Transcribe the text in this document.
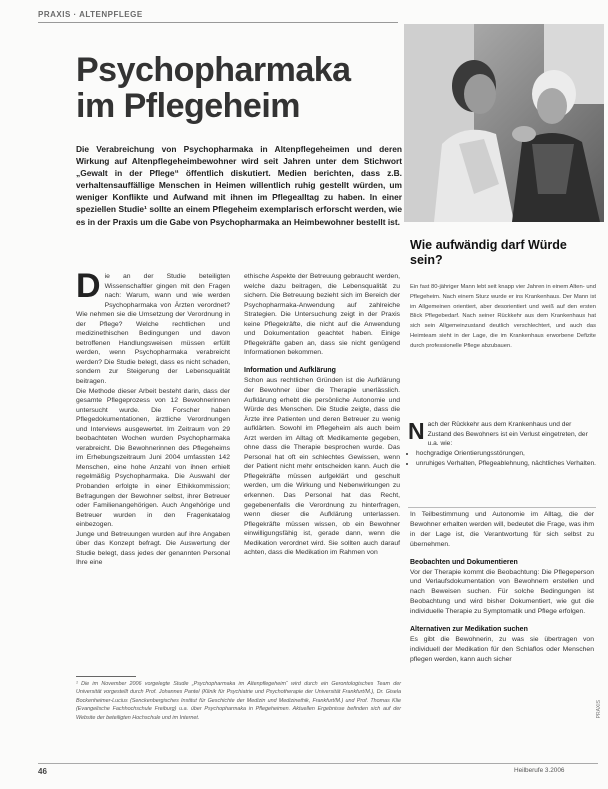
PRAXIS · ALTENPFLEGE
Psychopharmaka
im Pflegeheim
Die Verabreichung von Psychopharmaka in Altenpflegeheimen und deren Wirkung auf Altenpflegeheimbewohner wird seit Jahren unter dem Stichwort „Gewalt in der Pflege“ öffentlich diskutiert. Medien berichten, dass z.B. verhaltensauffällige Menschen in Heimen willentlich ruhig gestellt würden, um weniger Konflikte und Aufwand mit ihnen im Pflegealltag zu haben. In einer speziellen Studie¹ sollte an einem Pflegeheim exemplarisch erforscht werden, wie es in der Praxis um die Gabe von Psychopharmaka an Heimbewohner bestellt ist.
Wie aufwändig darf Würde sein?
Ein fast 80-jähriger Mann lebt seit knapp vier Jahren in einem Alten- und Pflegeheim. Nach einem Sturz wurde er ins Krankenhaus. Der Mann ist im Allgemeinen orientiert, aber desorientiert und weiß auf den ersten Blick Pflegebedarf. Nach seiner Rückkehr aus dem Krankenhaus hat sich sein Allgemeinzustand deutlich verschlechtert, und auch das Heimteam sieht in der Lage, die im Krankenhaus erworbene Defizite durch professionelle Pflege abzubauen.
N ach der Rückkehr aus dem Krankenhaus und der Zustand des Bewohners ist ein Verlust eingetreten, der u.a. wie:
• hochgradige Orientierungsstörungen,
• unruhiges Verhalten, Pflegeablehnung, nächtliches Verhalten.
In Teilbestimmung und Autonomie im Alltag, die der Bewohner erhalten werden will, bedeutet die Frage, was ihm in der Lage ist, die Verantwortung für sich selbst zu übernehmen.
Beobachten und Dokumentieren
Vor der Therapie kommt die Beobachtung: Die Pflegeperson und Verlaufsdokumentation von Bewohnern erstellen und nach Beweisen suchen. Für solche Bedingungen ist Beobachtung und wird bisher Dokumentiert, wie gut die individuelle Therapie zu Symptomatik und Pflege erfolgen.
Alternativen zur Medikation suchen
Es gibt die Bewohnerin, zu was sie übertragen von individuell der Medikation für den Schlaflos oder Menschen pflegen werden, kann auch sicher
D ie an der Studie beteiligten Wissenschaftler gingen mit den Fragen nach: Warum, wann und wie werden Psychopharmaka von Ärzten verordnet? Wie nehmen sie die Umsetzung der Verordnung in der Pflege? Welche rechtlichen und medizinethischen Bedingungen und davon betroffenen Handlungsweisen müssen erfüllt werden, wenn Psychopharmaka verabreicht werden? Die Studie belegt, dass es nicht schaden, sondern zur Steigerung der Lebensqualität beitragen.
Die Methode dieser Arbeit besteht darin, dass der gesamte Pflegeprozess von 12 Bewohnerinnen untersucht wurde. Die Forscher haben Pflegedokumentationen, ärztliche Verordnungen und Interviews ausgewertet. Im Zeitraum von 29 beobachteten Wochen wurden Psychopharmaka verabreicht. Die Bewohnerinnen des Pflegeheims im Erhebungszeitraum Juni 2004 umfassten 142 Menschen, eine hohe Anzahl von ihnen erhielt regelmäßig Psychopharmaka. Die Auswahl der Probanden erfolgte in einer Ethikkommission; Befragungen der Bewohner selbst, ihrer Betreuer oder Familienangehörigen. Auch Angehörige und Betreuer wurden in den Fragenkatalog einbezogen.
Junge und Betreuungen wurden auf ihre Angaben über das Konzept befragt. Die Auswertung der Studie belegt, dass jedes der genannten Personal Ihre eine
ethische Aspekte der Betreuung gebraucht werden, welche dazu beitragen, die Lebensqualität zu sichern. Die Betreuung bezieht sich im Bereich der Psychopharmaka-Anwendung auf zahlreiche Strategien. Die Untersuchung zeigt in der Praxis keine Pflegekräfte, die nicht auf die Anwendung und Dokumentation geachtet haben. Einige Pflegekräfte gaben an, dass sie nicht genügend Informationen bekommen.
Information und Aufklärung
Schon aus rechtlichen Gründen ist die Aufklärung der Bewohner über die Therapie unerlässlich. Aufklärung erhebt die persönliche Autonomie und Würde des Menschen. Die Studie zeigte, dass die Ärzte ihre Patienten und deren Betreuer zu wenig aufklärten. Sowohl im Pflegeheim als auch beim Arzt werden im Alltag oft Medikamente gegeben, ohne dass die Therapie besprochen wurde. Das Personal hat oft ein schlechtes Gewissen, wenn der Patient nicht mehr entscheiden kann. Auch die Pflegekräfte müssen aufgeklärt und geschult werden, um die Wirkung und Nebenwirkungen zu erkennen. Das Personal hat das Recht, gegebenenfalls die Verordnung zu hinterfragen, wenn dieser die Aufklärung unterlassen. Pflegekräfte müssen wissen, ob ein Bewohner einwilligungsfähig ist, gerade dann, wenn die Medikation verordnet wird. Sie sollten auch darauf achten, dass die Medikation im Rahmen von
¹ Die im November 2006 vorgelegte Studie „Psychopharmaka im Altenpflegeheim“ wird durch ein Gerontologisches Team der Universität vorgestellt durch Prof. Johannes Pantel (Klinik für Psychiatrie und Psychotherapie der Universität Frankfurt/M.), Dr. Gisela Bockenheimer-Lucius (Senckenbergisches Institut für Geschichte der Medizin und Medizinethik, Frankfurt/M.) und Prof. Thomas Klie (Evangelische Fachhochschule Freiburg) u.a. über Psychopharmaka in Pflegeheimen. Aktuellen Ergebnisse befinden sich auf der Website der beteiligten Hochschule und im Internet.
46	Heilberufe 3.2006
PRAXIS
